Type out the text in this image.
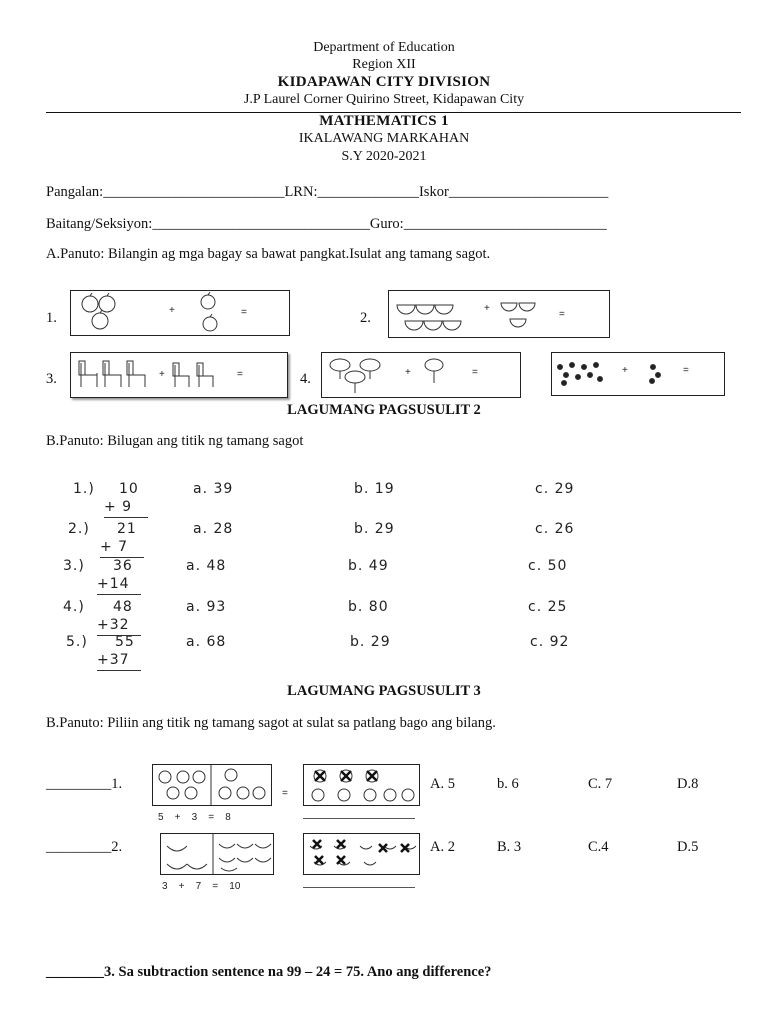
Department of Education
Region XII
KIDAPAWAN CITY DIVISION
J.P Laurel Corner Quirino Street, Kidapawan City
MATHEMATICS 1
IKALAWANG MARKAHAN
S.Y 2020-2021
Pangalan:_________________________LRN:______________Iskor______________________
Baitang/Seksiyon:______________________________Guro:____________________________
A.Panuto: Bilangin ag mga bagay sa bawat pangkat.Isulat ang tamang sagot.
1.	+	=	2.
+
=
3.	+	=	4.	+	=	+	=
LAGUMANG PAGSUSULIT 2
B.Panuto: Bilugan ang titik ng tamang sagot
1.) 10
+ 9
a. 39	b. 19	c. 29
2.) 21
+ 7
a. 28	b. 29	c. 26
3.) 36
+14
a. 48	b. 49	c. 50
4.) 48
+32
a. 93	b. 80	c. 25
5.) 55
+37
a. 68	b. 29	c. 92
LAGUMANG PAGSUSULIT 3
B.Panuto: Piliin ang titik ng tamang sagot at sulat sa patlang bago ang bilang.
_________1.
=
5    +    3    =    8
A. 5	b. 6	C. 7	D.8
_________2.
3    +    7    =    10
A. 2	B. 3	C.4	D.5
________3. Sa subtraction sentence na 99 – 24 = 75. Ano ang difference?
